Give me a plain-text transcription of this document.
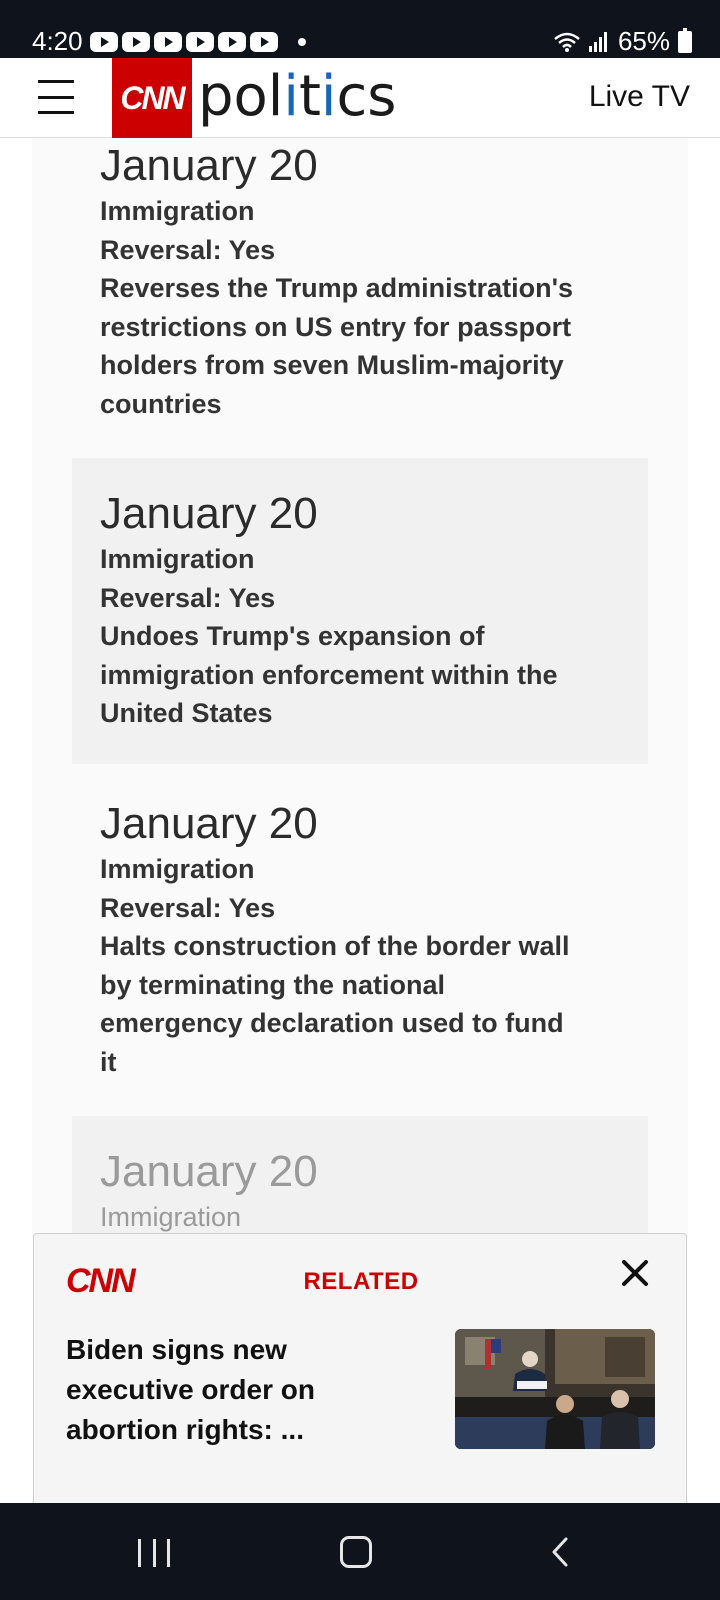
4:20	65%
CNN politics	Live TV
January 20
Immigration
Reversal: Yes
Reverses the Trump administration's
restrictions on US entry for passport
holders from seven Muslim-majority
countries
January 20
Immigration
Reversal: Yes
Undoes Trump's expansion of
immigration enforcement within the
United States
January 20
Immigration
Reversal: Yes
Halts construction of the border wall
by terminating the national
emergency declaration used to fund
it
January 20
Immigration
CNN	RELATED
Biden signs new
executive order on
abortion rights: ...
